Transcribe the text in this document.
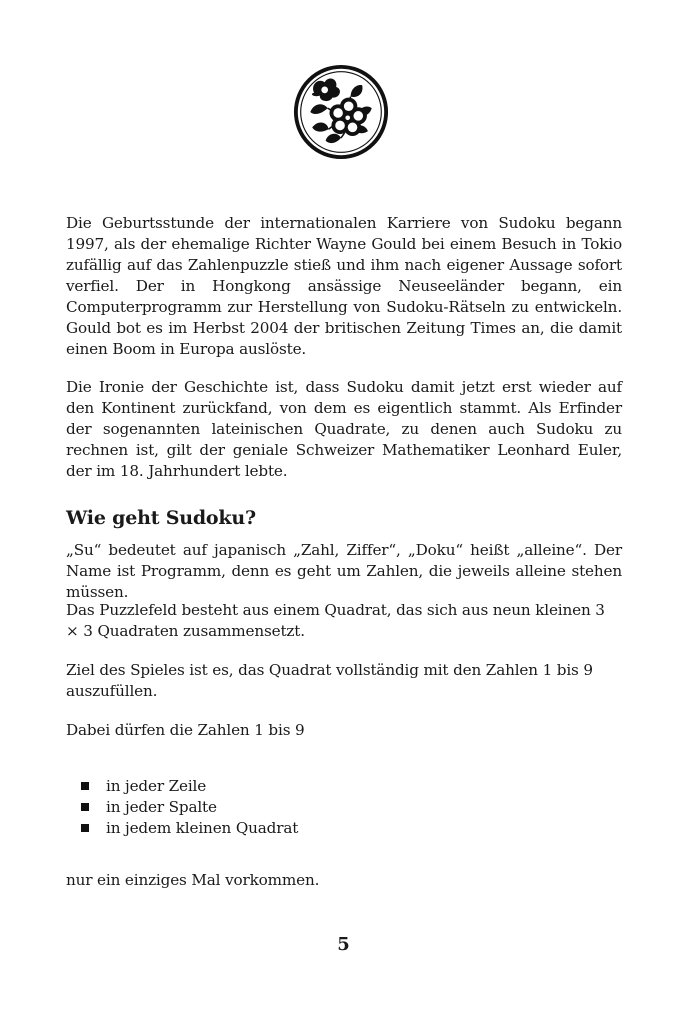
Die Geburtsstunde der internationalen Karriere von Sudoku begann 1997, als der ehemalige Richter Wayne Gould bei einem Besuch in Tokio zufällig auf das Zahlenpuzzle stieß und ihm nach eigener Aussage sofort verfiel. Der in Hongkong ansässige Neuseeländer begann, ein Computerprogramm zur Herstellung von Sudoku-Rätseln zu entwickeln. Gould bot es im Herbst 2004 der britischen Zeitung Times an, die damit einen Boom in Europa auslöste.

Die Ironie der Geschichte ist, dass Sudoku damit jetzt erst wieder auf den Kontinent zurückfand, von dem es eigentlich stammt. Als Erfinder der sogenannten lateinischen Quadrate, zu denen auch Sudoku zu rechnen ist, gilt der geniale Schweizer Mathematiker Leonhard Euler, der im 18. Jahrhundert lebte.

Wie geht Sudoku?

„Su“ bedeutet auf japanisch „Zahl, Ziffer“, „Doku“ heißt „alleine“. Der Name ist Programm, denn es geht um Zahlen, die jeweils alleine stehen müssen.

Das Puzzlefeld besteht aus einem Quadrat, das sich aus neun kleinen 3 × 3 Quadraten zusammensetzt.

Ziel des Spieles ist es, das Quadrat vollständig mit den Zahlen 1 bis 9 auszufüllen.

Dabei dürfen die Zahlen 1 bis 9

in jeder Zeile
in jeder Spalte
in jedem kleinen Quadrat

nur ein einziges Mal vorkommen.

5
